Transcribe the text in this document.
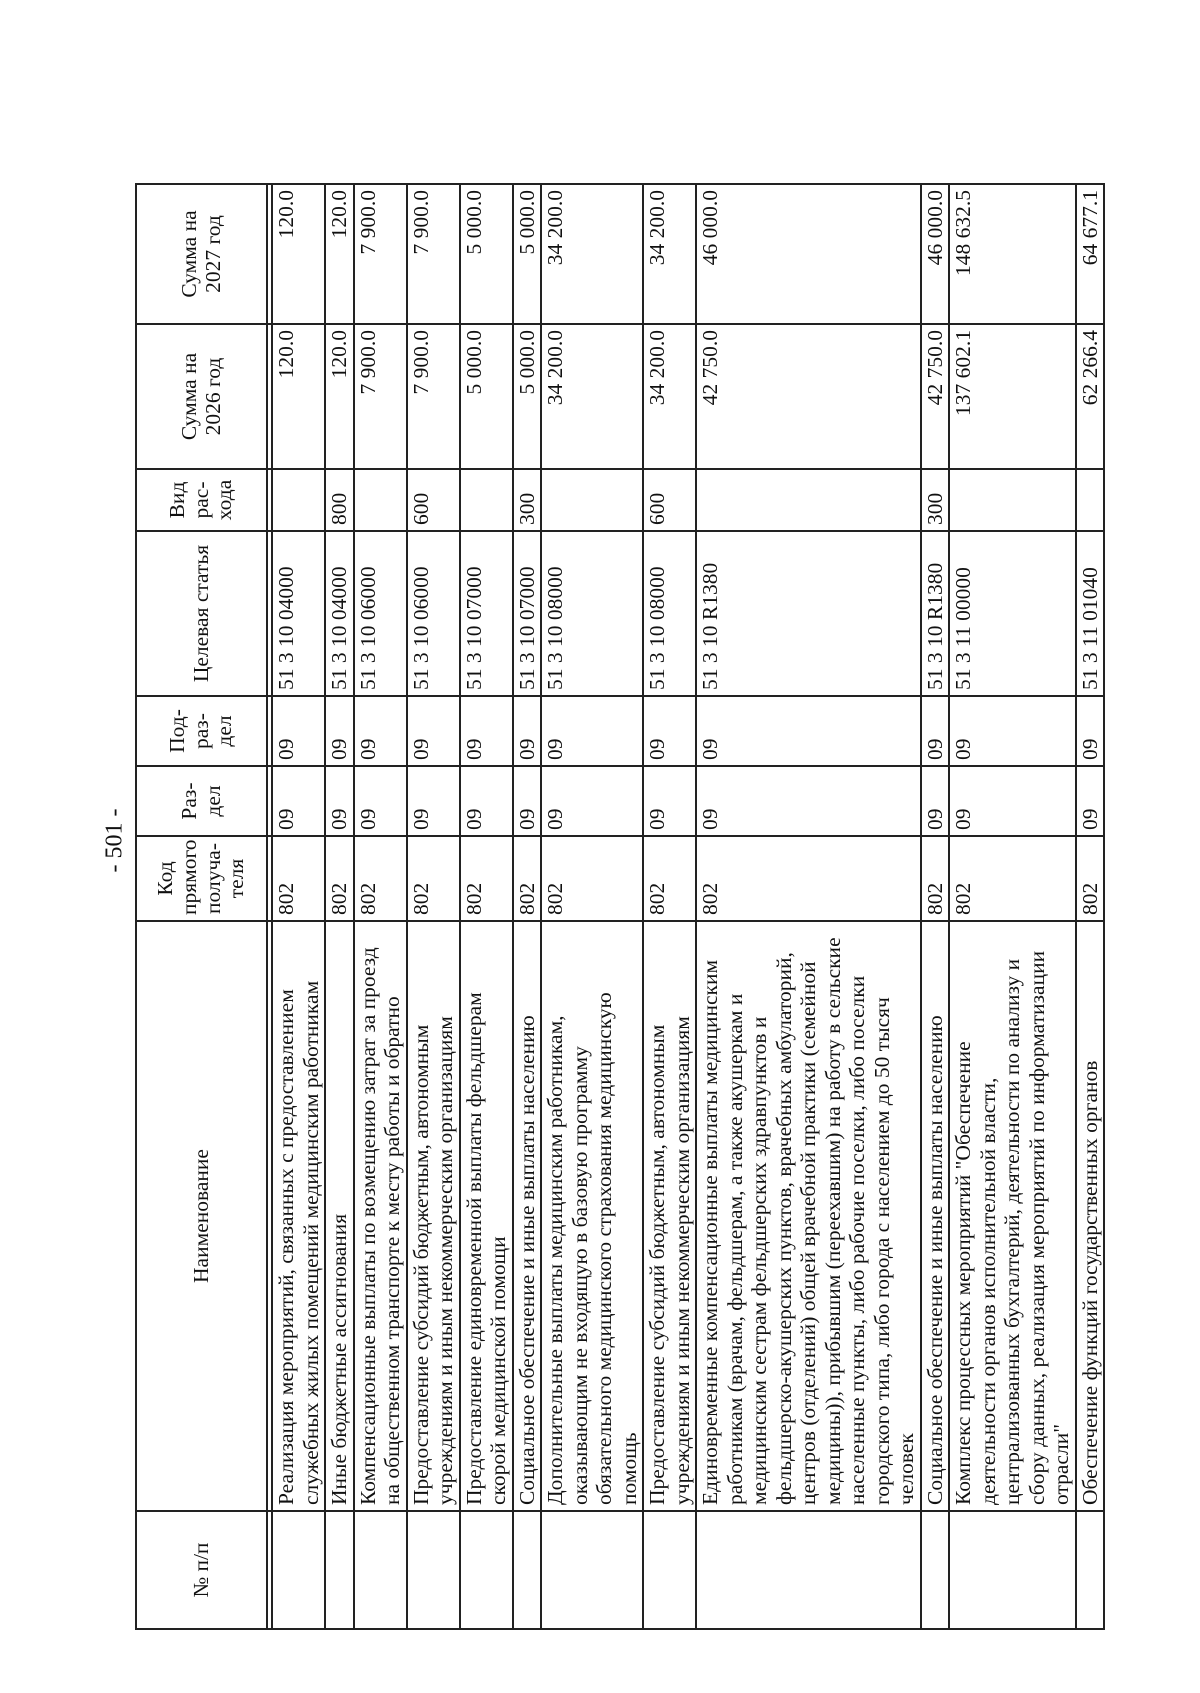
- 501 -
№ п/п	Наименование	Код прямого получа-теля	Раз-дел	Под-раз-дел	Целевая статья	Вид рас-хода	Сумма на 2026 год	Сумма на 2027 год

	Реализация мероприятий, связанных с предоставлением служебных жилых помещений медицинским работникам	802	09	09	51 3 10 04000		120.0	120.0
	Иные бюджетные ассигнования	802	09	09	51 3 10 04000	800	120.0	120.0
	Компенсационные выплаты по возмещению затрат за проезд на общественном транспорте к месту работы и обратно	802	09	09	51 3 10 06000		7 900.0	7 900.0
	Предоставление субсидий бюджетным, автономным учреждениям и иным некоммерческим организациям	802	09	09	51 3 10 06000	600	7 900.0	7 900.0
	Предоставление единовременной выплаты фельдшерам скорой медицинской помощи	802	09	09	51 3 10 07000		5 000.0	5 000.0
	Социальное обеспечение и иные выплаты населению	802	09	09	51 3 10 07000	300	5 000.0	5 000.0
	Дополнительные выплаты медицинским работникам, оказывающим не входящую в базовую программу обязательного медицинского страхования медицинскую помощь	802	09	09	51 3 10 08000		34 200.0	34 200.0
	Предоставление субсидий бюджетным, автономным учреждениям и иным некоммерческим организациям	802	09	09	51 3 10 08000	600	34 200.0	34 200.0
	Единовременные компенсационные выплаты медицинским работникам (врачам, фельдшерам, а также акушеркам и медицинским сестрам фельдшерских здравпунктов и фельдшерско-акушерских пунктов, врачебных амбулаторий, центров (отделений) общей врачебной практики (семейной медицины)), прибывшим (переехавшим) на работу в сельские населенные пункты, либо рабочие поселки, либо поселки городского типа, либо города с населением до 50 тысяч человек	802	09	09	51 3 10 R1380		42 750.0	46 000.0
	Социальное обеспечение и иные выплаты населению	802	09	09	51 3 10 R1380	300	42 750.0	46 000.0
	Комплекс процессных мероприятий "Обеспечение деятельности органов исполнительной власти, централизованных бухгалтерий, деятельности по анализу и сбору данных, реализация мероприятий по информатизации отрасли"	802	09	09	51 3 11 00000		137 602.1	148 632.5
	Обеспечение функций государственных органов	802	09	09	51 3 11 01040		62 266.4	64 677.1
